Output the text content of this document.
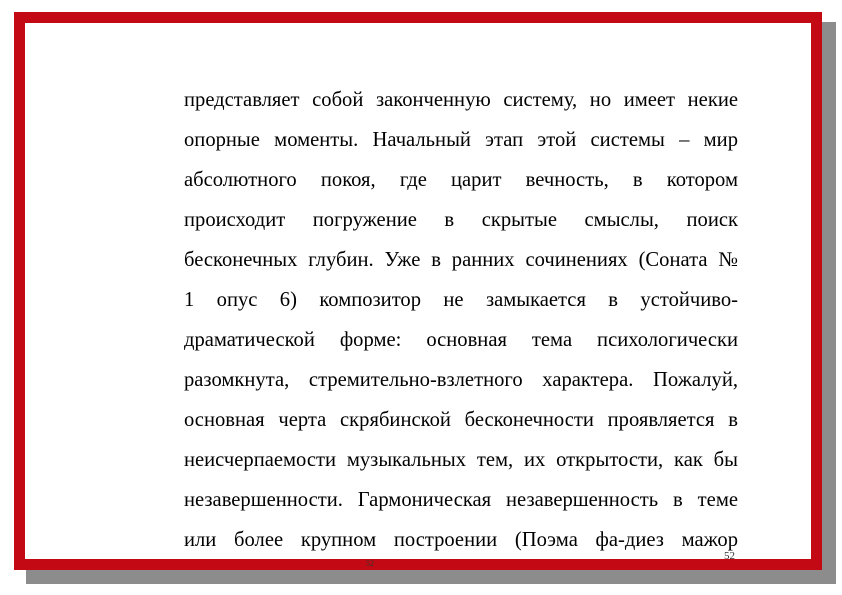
представляет собой законченную систему, но имеет некие
опорные моменты. Начальный этап этой системы – мир
абсолютного покоя, где царит вечность, в котором
происходит погружение в скрытые смыслы, поиск
бесконечных глубин. Уже в ранних сочинениях (Соната №
1 опус 6) композитор не замыкается в устойчиво-
драматической форме: основная тема психологически
разомкнута, стремительно-взлетного характера. Пожалуй,
основная черта скрябинской бесконечности проявляется в
неисчерпаемости музыкальных тем, их открытости, как бы
незавершенности. Гармоническая незавершенность в теме
или более крупном построении (Поэма фа-диез мажор
52
52
